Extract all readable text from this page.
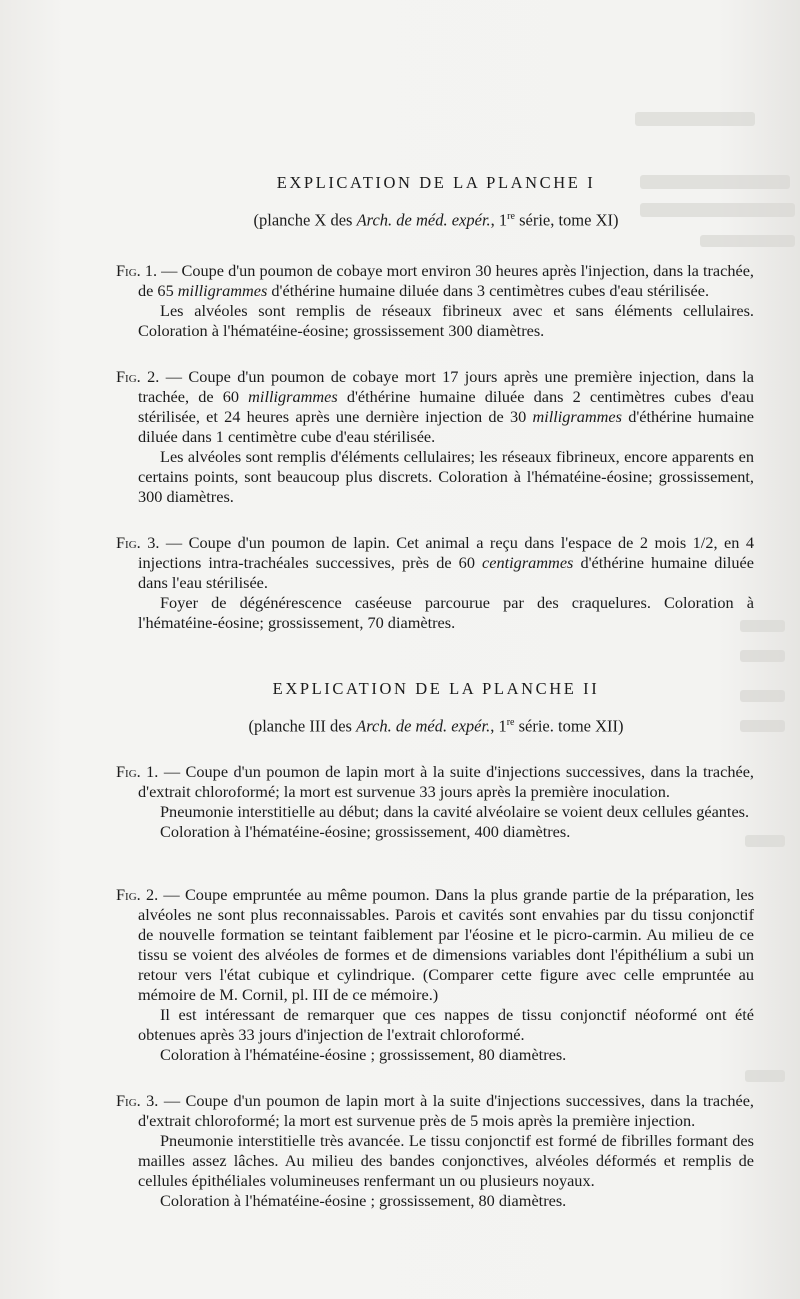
EXPLICATION DE LA PLANCHE I
(planche X des Arch. de méd. expér., 1re série, tome XI)

Fig. 1. — Coupe d'un poumon de cobaye mort environ 30 heures après l'injection, dans la trachée, de 65 milligrammes d'éthérine humaine diluée dans 3 centimètres cubes d'eau stérilisée.

Les alvéoles sont remplis de réseaux fibrineux avec et sans éléments cellulaires. Coloration à l'hématéine-éosine; grossissement 300 diamètres.

Fig. 2. — Coupe d'un poumon de cobaye mort 17 jours après une première injection, dans la trachée, de 60 milligrammes d'éthérine humaine diluée dans 2 centimètres cubes d'eau stérilisée, et 24 heures après une dernière injection de 30 milligrammes d'éthérine humaine diluée dans 1 centimètre cube d'eau stérilisée.

Les alvéoles sont remplis d'éléments cellulaires; les réseaux fibrineux, encore apparents en certains points, sont beaucoup plus discrets. Coloration à l'hématéine-éosine; grossissement, 300 diamètres.

Fig. 3. — Coupe d'un poumon de lapin. Cet animal a reçu dans l'espace de 2 mois 1/2, en 4 injections intra-trachéales successives, près de 60 centigrammes d'éthérine humaine diluée dans l'eau stérilisée.

Foyer de dégénérescence caséeuse parcourue par des craquelures. Coloration à l'hématéine-éosine; grossissement, 70 diamètres.

EXPLICATION DE LA PLANCHE II
(planche III des Arch. de méd. expér., 1re série. tome XII)

Fig. 1. — Coupe d'un poumon de lapin mort à la suite d'injections successives, dans la trachée, d'extrait chloroformé; la mort est survenue 33 jours après la première inoculation.

Pneumonie interstitielle au début; dans la cavité alvéolaire se voient deux cellules géantes.

Coloration à l'hématéine-éosine; grossissement, 400 diamètres.

Fig. 2. — Coupe empruntée au même poumon. Dans la plus grande partie de la préparation, les alvéoles ne sont plus reconnaissables. Parois et cavités sont envahies par du tissu conjonctif de nouvelle formation se teintant faiblement par l'éosine et le picro-carmin. Au milieu de ce tissu se voient des alvéoles de formes et de dimensions variables dont l'épithélium a subi un retour vers l'état cubique et cylindrique. (Comparer cette figure avec celle empruntée au mémoire de M. Cornil, pl. III de ce mémoire.)

Il est intéressant de remarquer que ces nappes de tissu conjonctif néoformé ont été obtenues après 33 jours d'injection de l'extrait chloroformé.

Coloration à l'hématéine-éosine ; grossissement, 80 diamètres.

Fig. 3. — Coupe d'un poumon de lapin mort à la suite d'injections successives, dans la trachée, d'extrait chloroformé; la mort est survenue près de 5 mois après la première injection.

Pneumonie interstitielle très avancée. Le tissu conjonctif est formé de fibrilles formant des mailles assez lâches. Au milieu des bandes conjonctives, alvéoles déformés et remplis de cellules épithéliales volumineuses renfermant un ou plusieurs noyaux.

Coloration à l'hématéine-éosine ; grossissement, 80 diamètres.
